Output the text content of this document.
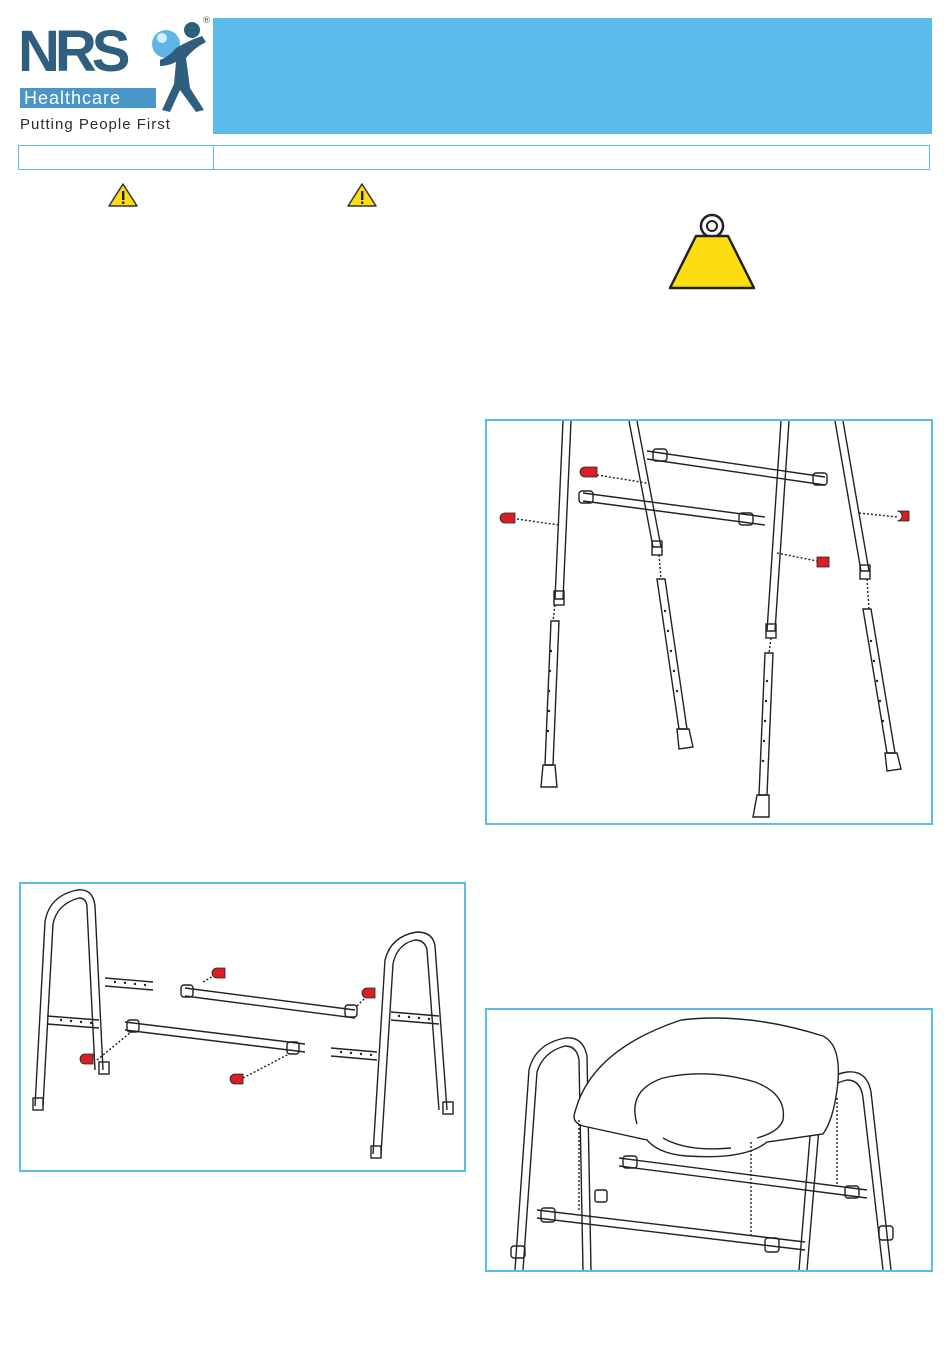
NRS	®
Healthcare
Putting People First
